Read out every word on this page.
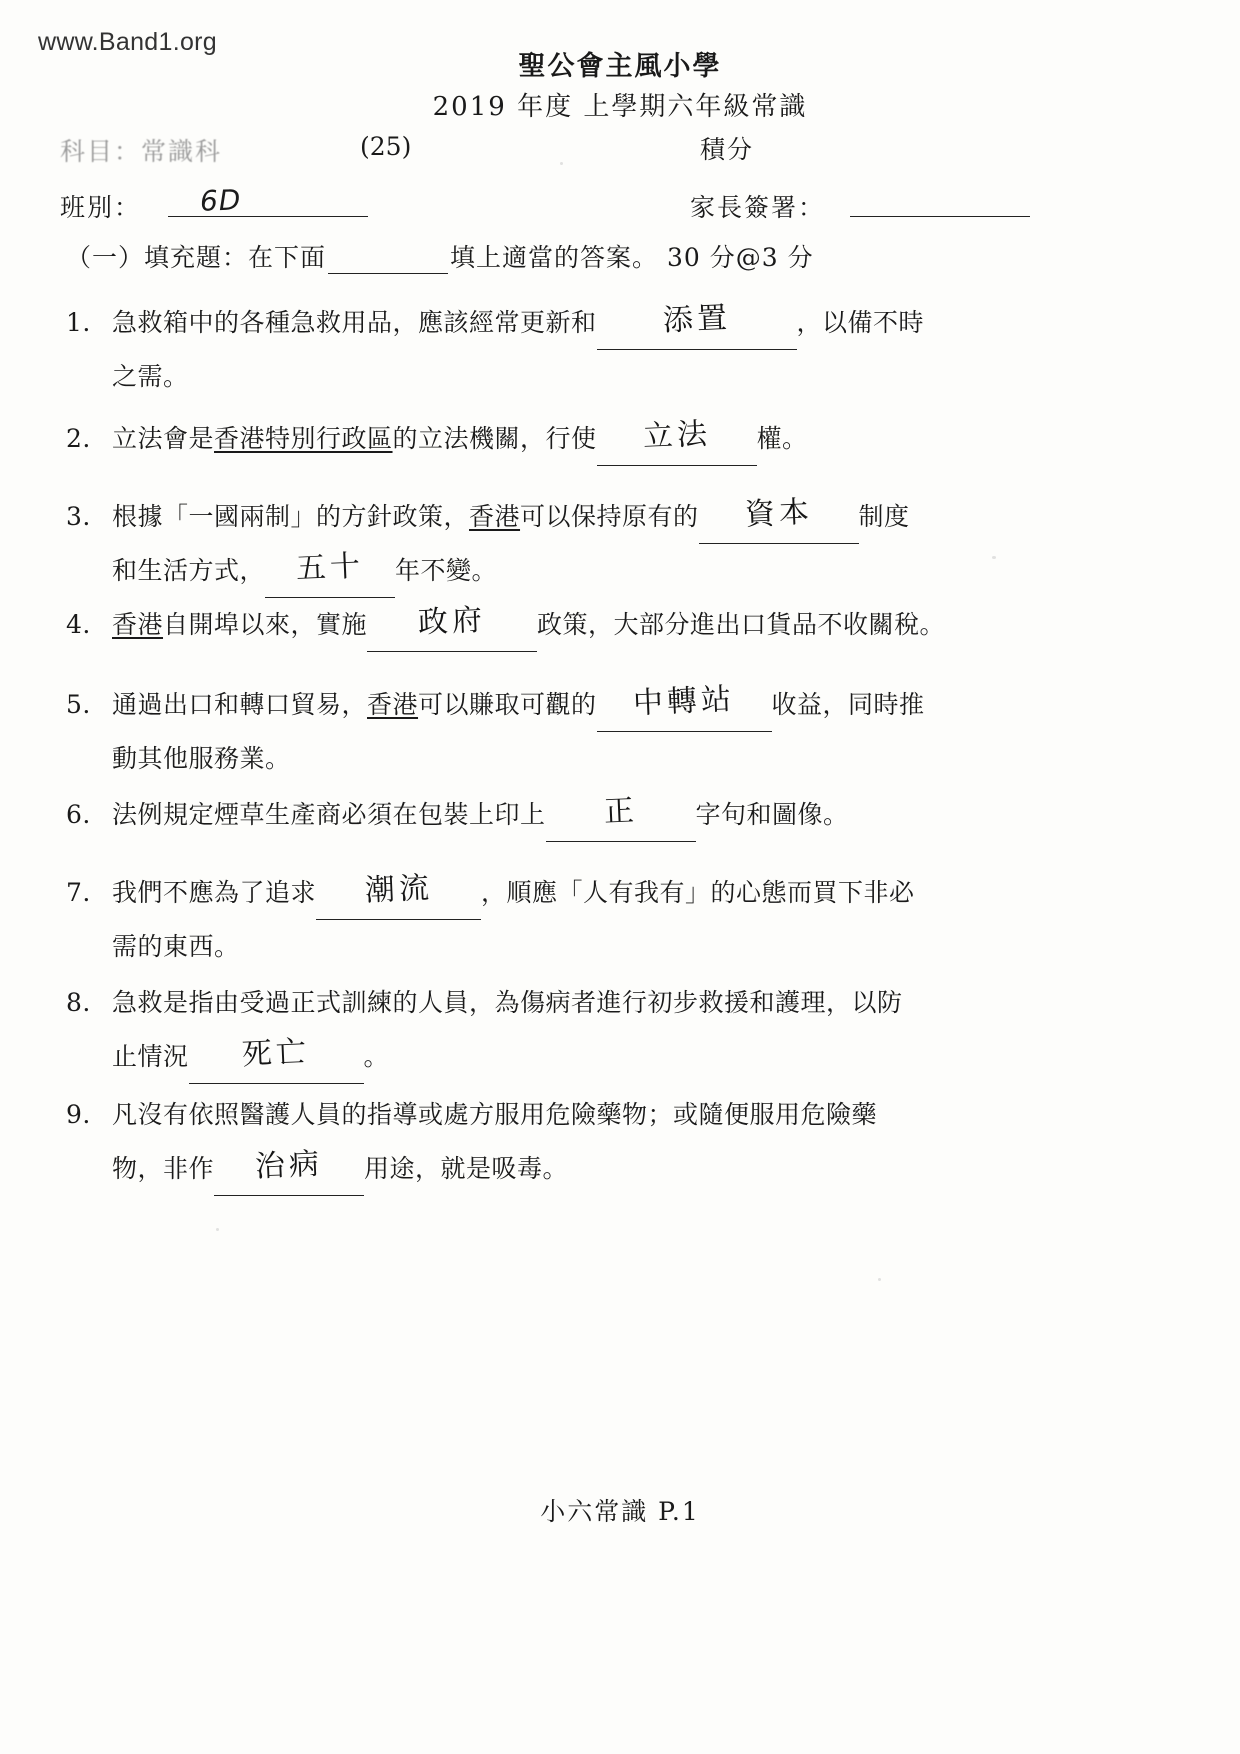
www.Band1.org
聖公會主風小學
2019 年度 上學期六年級常識
科目：常識科	(25)	積分
班別： 6D	家長簽署：
（一）填充題：在下面	填上適當的答案。 30 分@3 分
1. 急救箱中的各種急救用品，應該經常更新和 添置	，以備不時
之需。
2. 立法會是香港特別行政區的立法機關，行使 立法 權。
3. 根據「一國兩制」的方針政策，香港可以保持原有的 資本 制度
和生活方式， 五十 年不變。
4. 香港自開埠以來，實施 政府 政策，大部分進出口貨品不收關稅。
5. 通過出口和轉口貿易，香港可以賺取可觀的 中轉站 收益，同時推
動其他服務業。
6. 法例規定煙草生產商必須在包裝上印上 正 字句和圖像。
7. 我們不應為了追求 潮流 ，順應「人有我有」的心態而買下非必
需的東西。
8. 急救是指由受過正式訓練的人員，為傷病者進行初步救援和護理，以防
止情況 死亡 。
9. 凡沒有依照醫護人員的指導或處方服用危險藥物；或隨便服用危險藥
物，非作 治病 用途，就是吸毒。
小六常識 P.1
